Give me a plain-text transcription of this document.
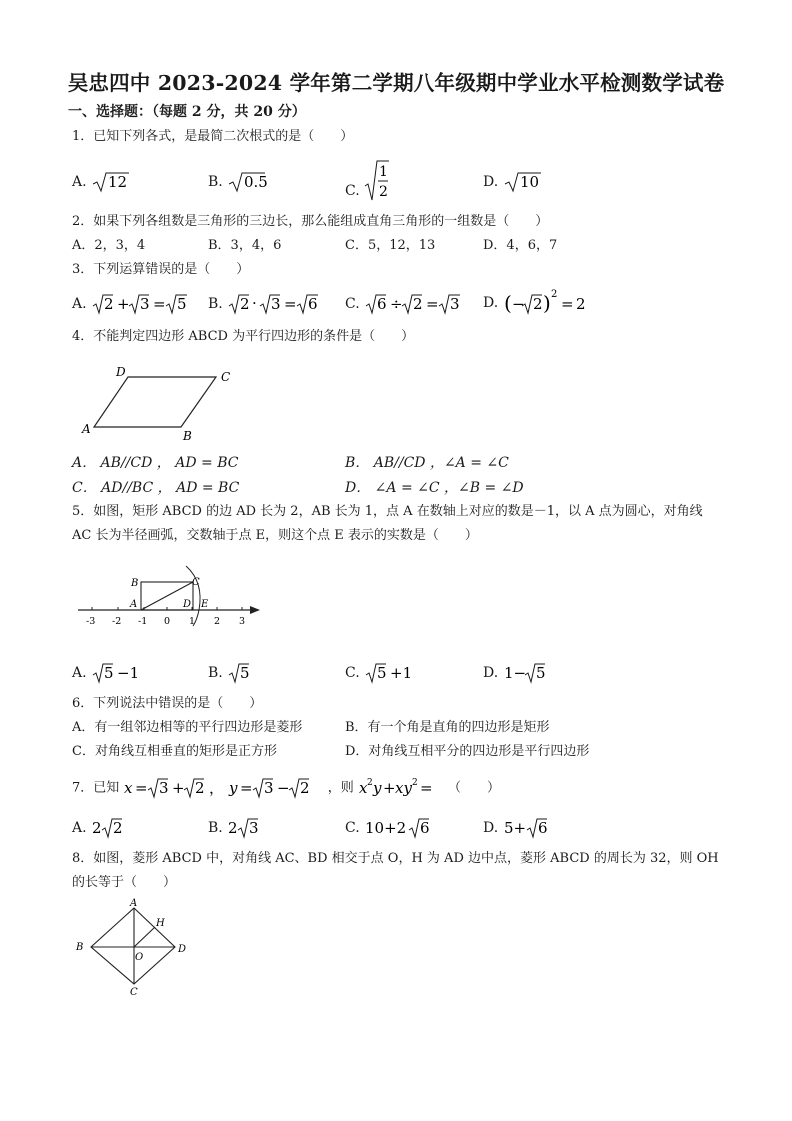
吴忠四中 2023-2024 学年第二学期八年级期中学业水平检测数学试卷
一、选择题：（每题 2 分，共 20 分）
1．已知下列各式，是最简二次根式的是（　　）
A. 12	B. 0.5	C.
1
2
D. 10
2．如果下列各组数是三角形的三边长，那么能组成直角三角形的一组数是（　　）
A．2，3，4	B．3，4，6	C．5，12，13	D．4，6，7
3．下列运算错误的是（　　）
A. 2 + 3 = 5 B. 2 · 3 = 6 C. 6 ÷ 2 = 3 D. ( − 2 ) 2
= 2
4．不能判定四边形 ABCD 为平行四边形的条件是（　　）
A	B
C
D
A． AB//CD ， AD = BC	B． AB//CD ，∠A = ∠C
C． AD//BC ， AD = BC	D． ∠A = ∠C ，∠B = ∠D
5．如图，矩形 ABCD 的边 AD 长为 2，AB 长为 1，点 A 在数轴上对应的数是－1，以 A 点为圆心，对角线
AC 长为半径画弧，交数轴于点 E，则这个点 E 表示的实数是（　　）
B
A
C
D E
-3 -2 -1 0 1 2 3
A. 5 −1	B. 5	C. 5 +1	D. 1− 5
6．下列说法中错误的是（　　）
A．有一组邻边相等的平行四边形是菱形	B．有一个角是直角的四边形是矩形
C．对角线互相垂直的矩形是正方形	D．对角线互相平分的四边形是平行四边形
7．已知 x = 3 + 2 ，
y = 3 − 2 ，则 x 2 y + xy 2 = （　　）
A. 2 2	B. 2 3	C. 10+2 6	D. 5+ 6
8．如图，菱形 ABCD 中，对角线 AC、BD 相交于点 O，H 为 AD 边中点，菱形 ABCD 的周长为 32，则 OH
的长等于（　　）
A
B
C
D
H
O
